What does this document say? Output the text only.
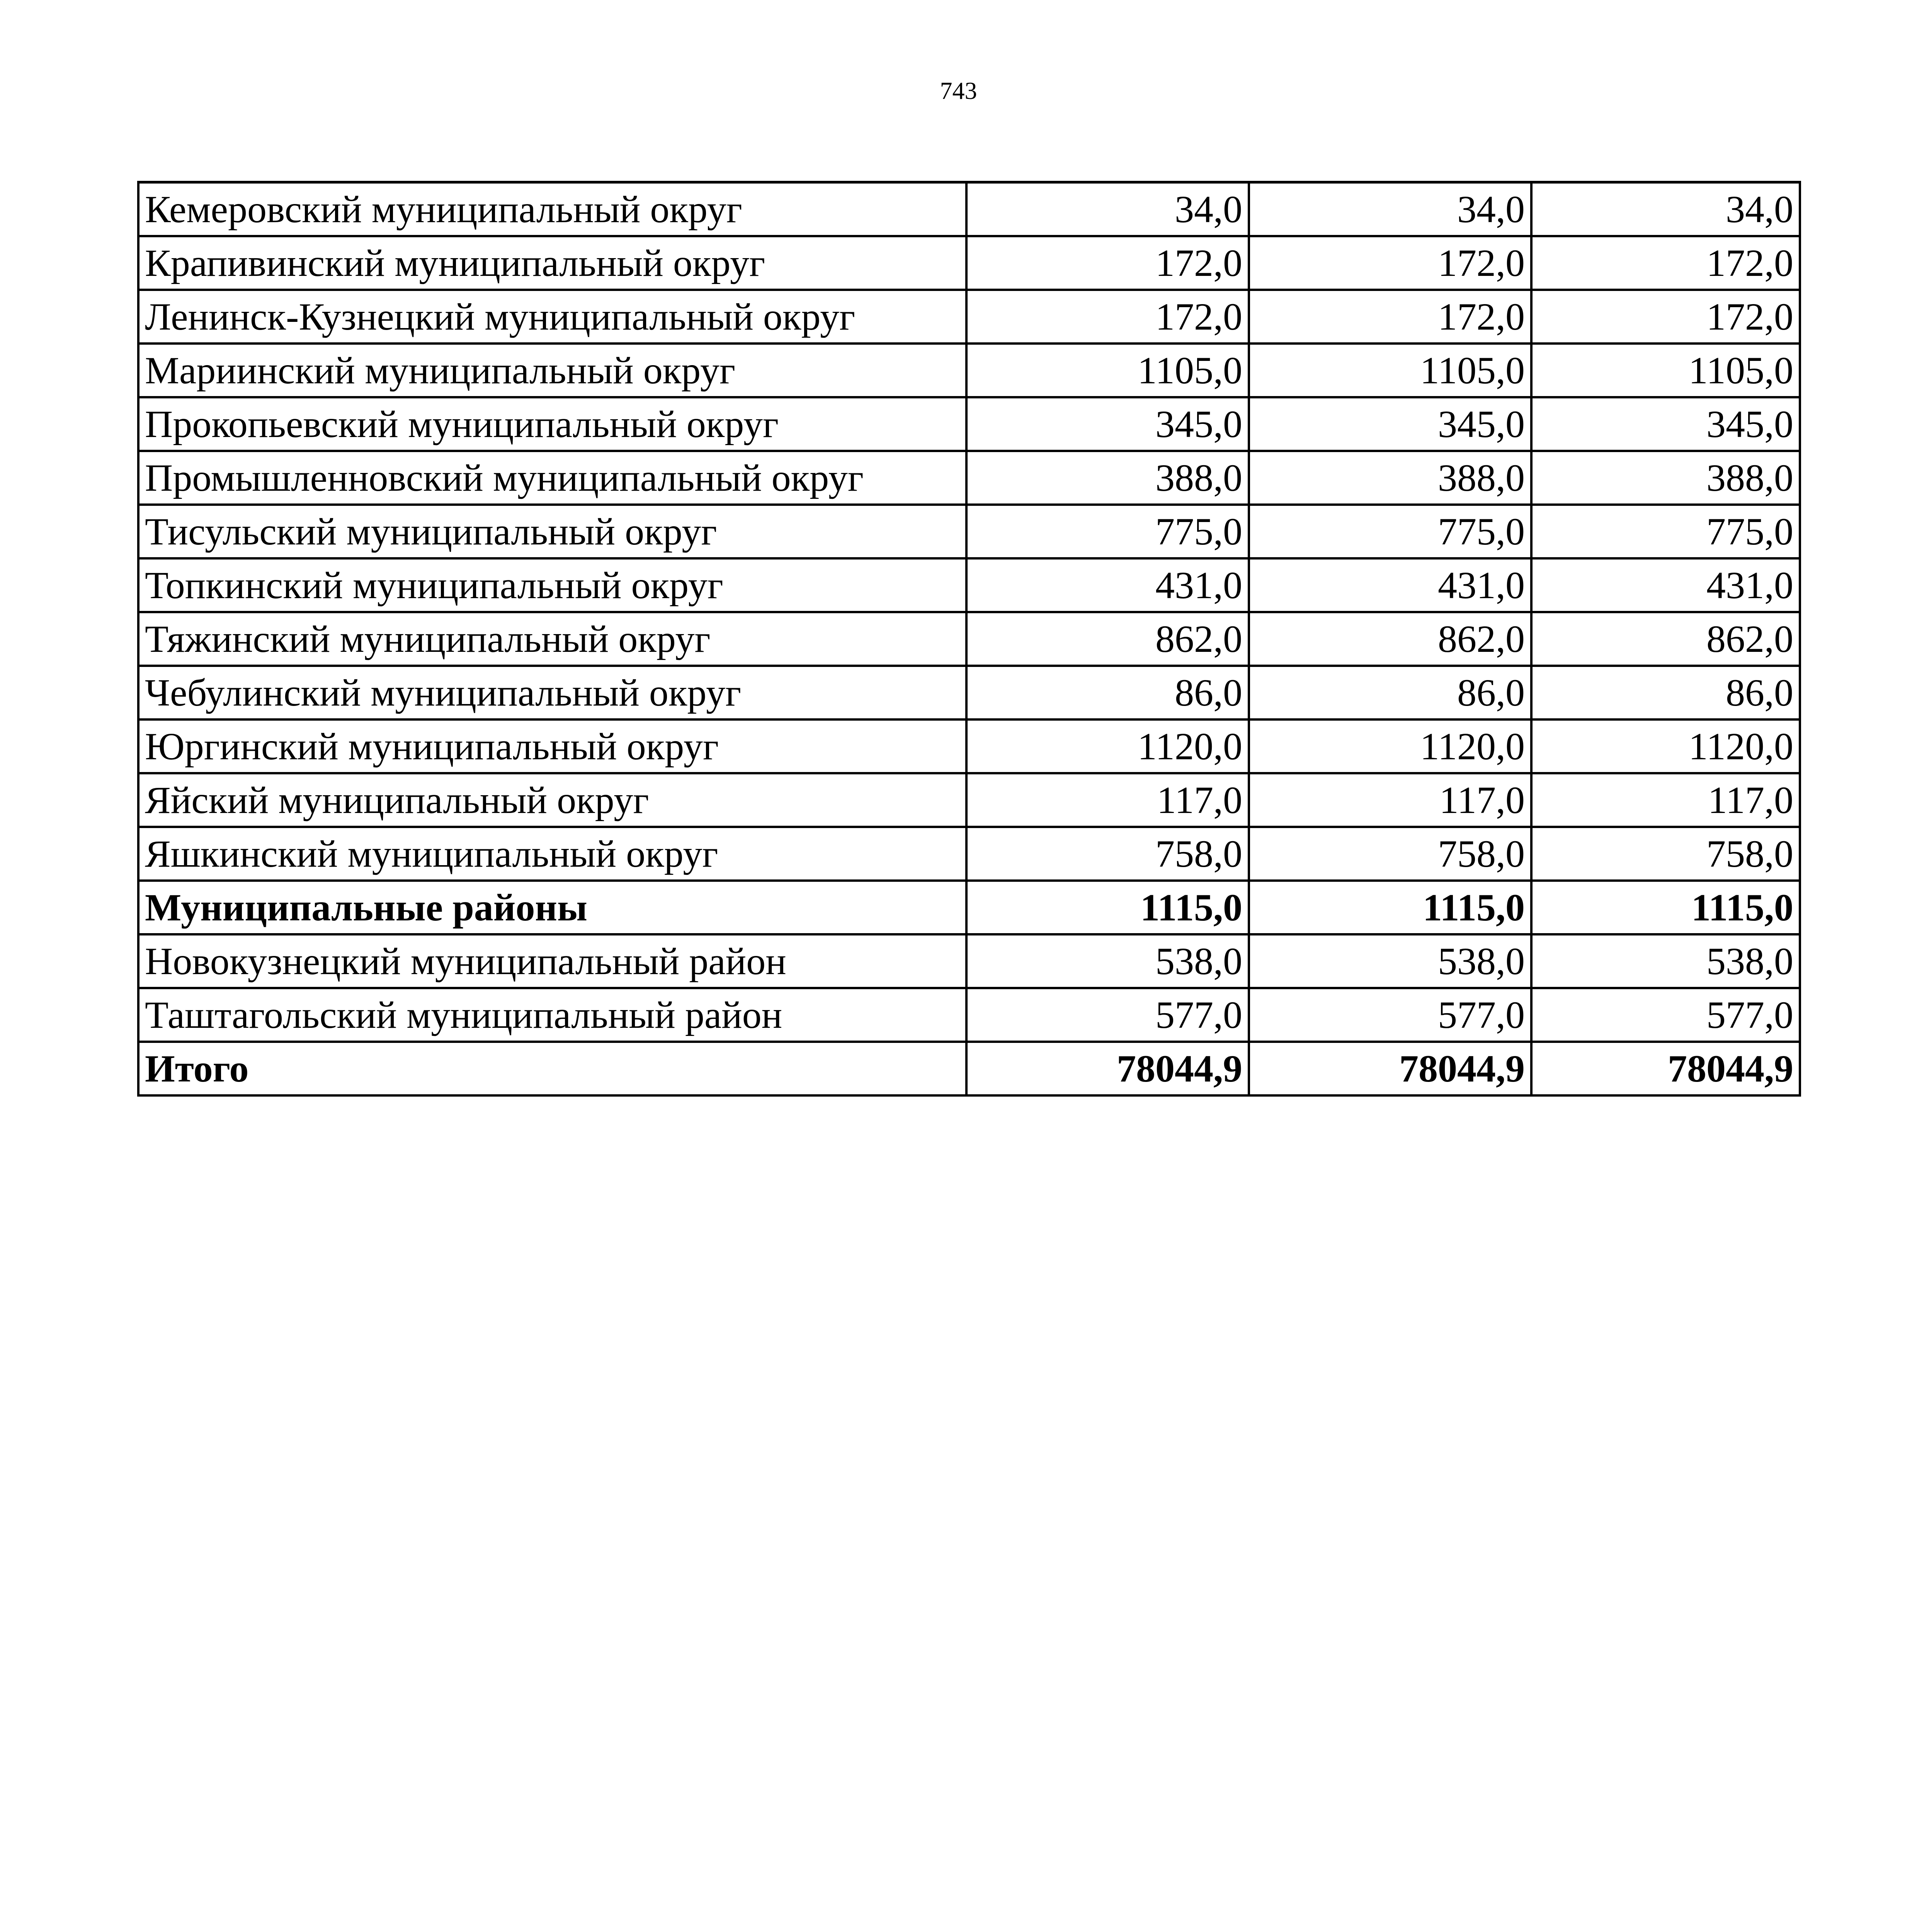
743
Кемеровский муниципальный округ	34,0	34,0	34,0
Крапивинский муниципальный округ	172,0	172,0	172,0
Ленинск-Кузнецкий муниципальный округ	172,0	172,0	172,0
Мариинский муниципальный округ	1105,0	1105,0	1105,0
Прокопьевский муниципальный округ	345,0	345,0	345,0
Промышленновский муниципальный округ	388,0	388,0	388,0
Тисульский муниципальный округ	775,0	775,0	775,0
Топкинский муниципальный округ	431,0	431,0	431,0
Тяжинский муниципальный округ	862,0	862,0	862,0
Чебулинский муниципальный округ	86,0	86,0	86,0
Юргинский муниципальный округ	1120,0	1120,0	1120,0
Яйский муниципальный округ	117,0	117,0	117,0
Яшкинский муниципальный округ	758,0	758,0	758,0
Муниципальные районы	1115,0	1115,0	1115,0
Новокузнецкий муниципальный район	538,0	538,0	538,0
Таштагольский муниципальный район	577,0	577,0	577,0
Итого	78044,9	78044,9	78044,9
